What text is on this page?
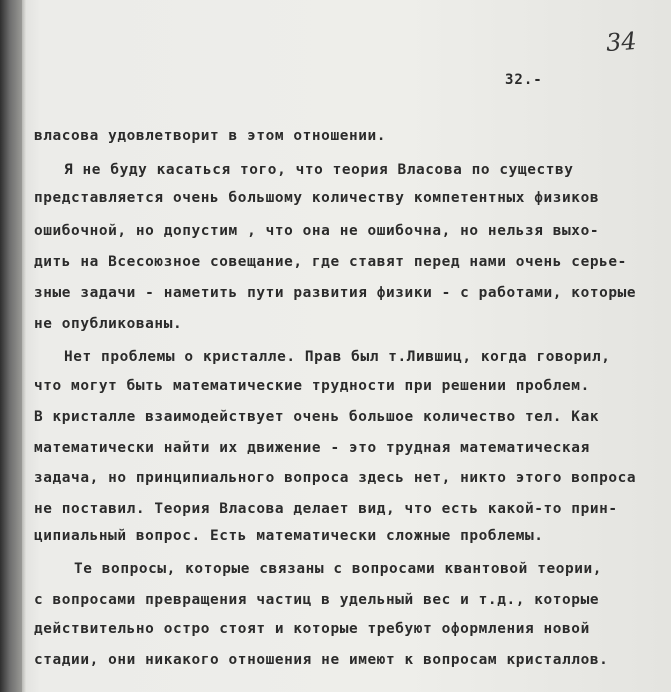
34
32.-
власова удовлетворит в этом отношении.
Я не буду касаться того, что теория Власова по существу
представляется очень большому количеству компетентных физиков
ошибочной, но допустим , что она не ошибочна, но нельзя выхо-
дить на Всесоюзное совещание, где ставят перед нами очень серье-
зные задачи - наметить пути развития физики - с работами, которые
не опубликованы.
Нет проблемы о кристалле. Прав был т.Лившиц, когда говорил,
что могут быть математические трудности при решении проблем.
В кристалле взаимодействует очень большое количество тел. Как
математически найти их движение - это трудная математическая
задача, но принципиального вопроса здесь нет, никто этого вопроса
не поставил. Теория Власова делает вид, что есть какой-то прин-
ципиальный вопрос. Есть математически сложные проблемы.
Те вопросы, которые связаны с вопросами квантовой теории,
с вопросами превращения частиц в удельный вес и т.д., которые
действительно остро стоят и которые требуют оформления новой
стадии, они никакого отношения не имеют к вопросам кристаллов.
